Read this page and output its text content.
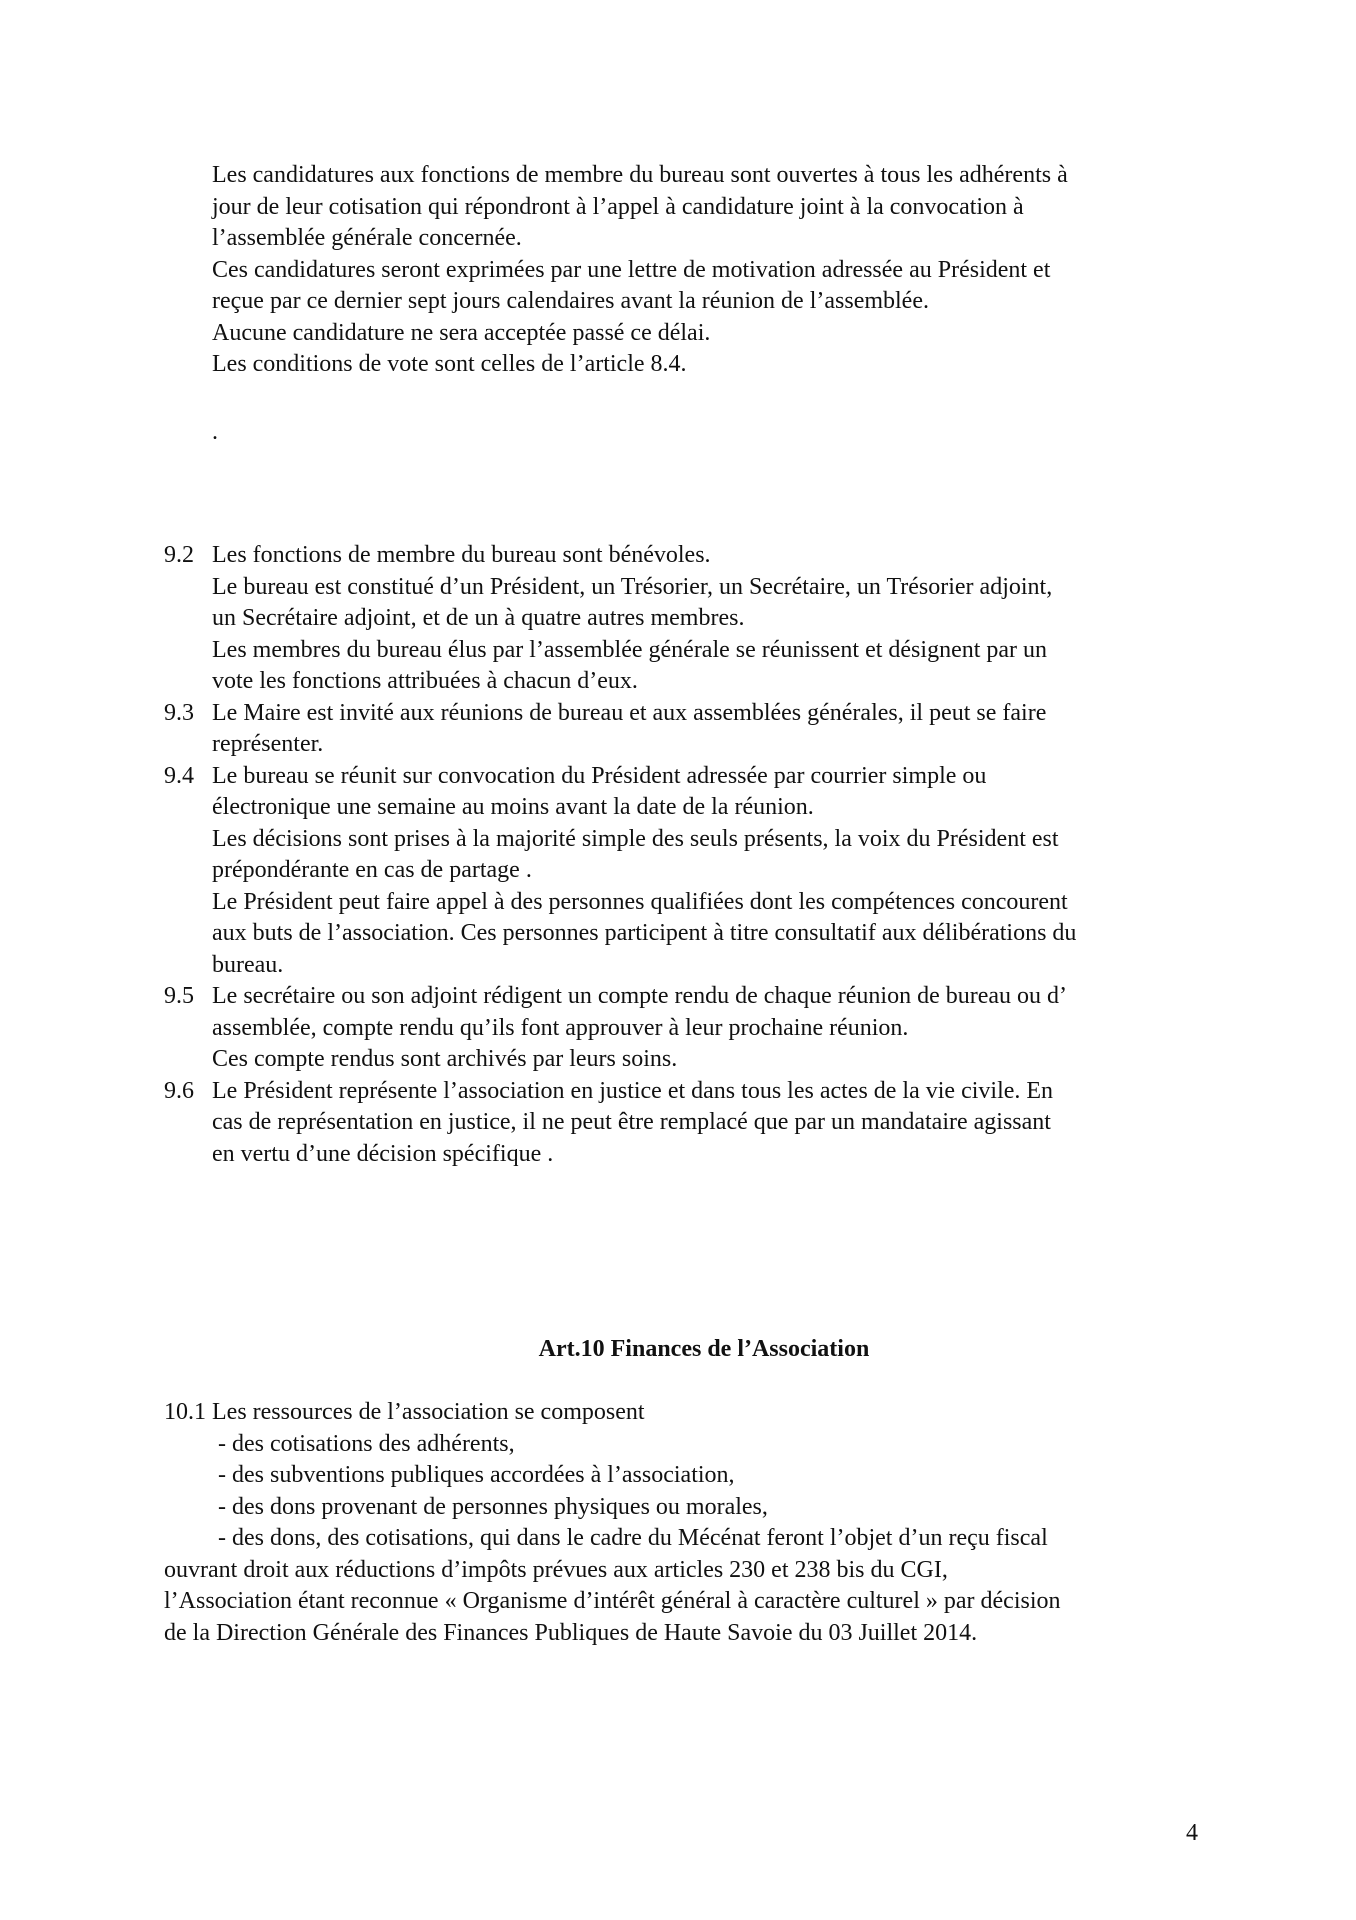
Les candidatures aux fonctions de membre du bureau sont ouvertes à tous les adhérents à
jour de leur cotisation qui répondront à l’appel à candidature joint à la convocation à
l’assemblée générale concernée.
Ces candidatures seront exprimées par une lettre de motivation adressée au Président et
reçue par ce dernier sept jours calendaires avant la réunion de l’assemblée.
Aucune candidature ne sera acceptée passé ce délai.
Les conditions de vote sont celles de l’article 8.4.
.
9.2 Les fonctions de membre du bureau sont bénévoles.
Le bureau est constitué d’un Président, un Trésorier, un Secrétaire, un Trésorier adjoint,
un Secrétaire adjoint, et de un à quatre autres membres.
Les membres du bureau élus par l’assemblée générale se réunissent et désignent par un
vote les fonctions attribuées à chacun d’eux.
9.3 Le Maire est invité aux réunions de bureau et aux assemblées générales, il peut se faire
représenter.
9.4 Le bureau se réunit sur convocation du Président adressée par courrier simple ou
électronique une semaine au moins avant la date de la réunion.
Les décisions sont prises à la majorité simple des seuls présents, la voix du Président est
prépondérante en cas de partage .
Le Président peut faire appel à des personnes qualifiées dont les compétences concourent
aux buts de l’association. Ces personnes participent à titre consultatif aux délibérations du
bureau.
9.5 Le secrétaire ou son adjoint rédigent un compte rendu de chaque réunion de bureau ou d’
assemblée, compte rendu qu’ils font approuver à leur prochaine réunion.
Ces compte rendus sont archivés par leurs soins.
9.6 Le Président représente l’association en justice et dans tous les actes de la vie civile. En
cas de représentation en justice, il ne peut être remplacé que par un mandataire agissant
en vertu d’une décision spécifique .
Art.10 Finances de l’Association
10.1 Les ressources de l’association se composent
- des cotisations des adhérents,
- des subventions publiques accordées à l’association,
- des dons provenant de personnes physiques ou morales,
- des dons, des cotisations, qui dans le cadre du Mécénat feront l’objet d’un reçu fiscal
ouvrant droit aux réductions d’impôts prévues aux articles 230 et 238 bis du CGI,
l’Association étant reconnue « Organisme d’intérêt général à caractère culturel » par décision
de la Direction Générale des Finances Publiques de Haute Savoie du 03 Juillet 2014.
4
